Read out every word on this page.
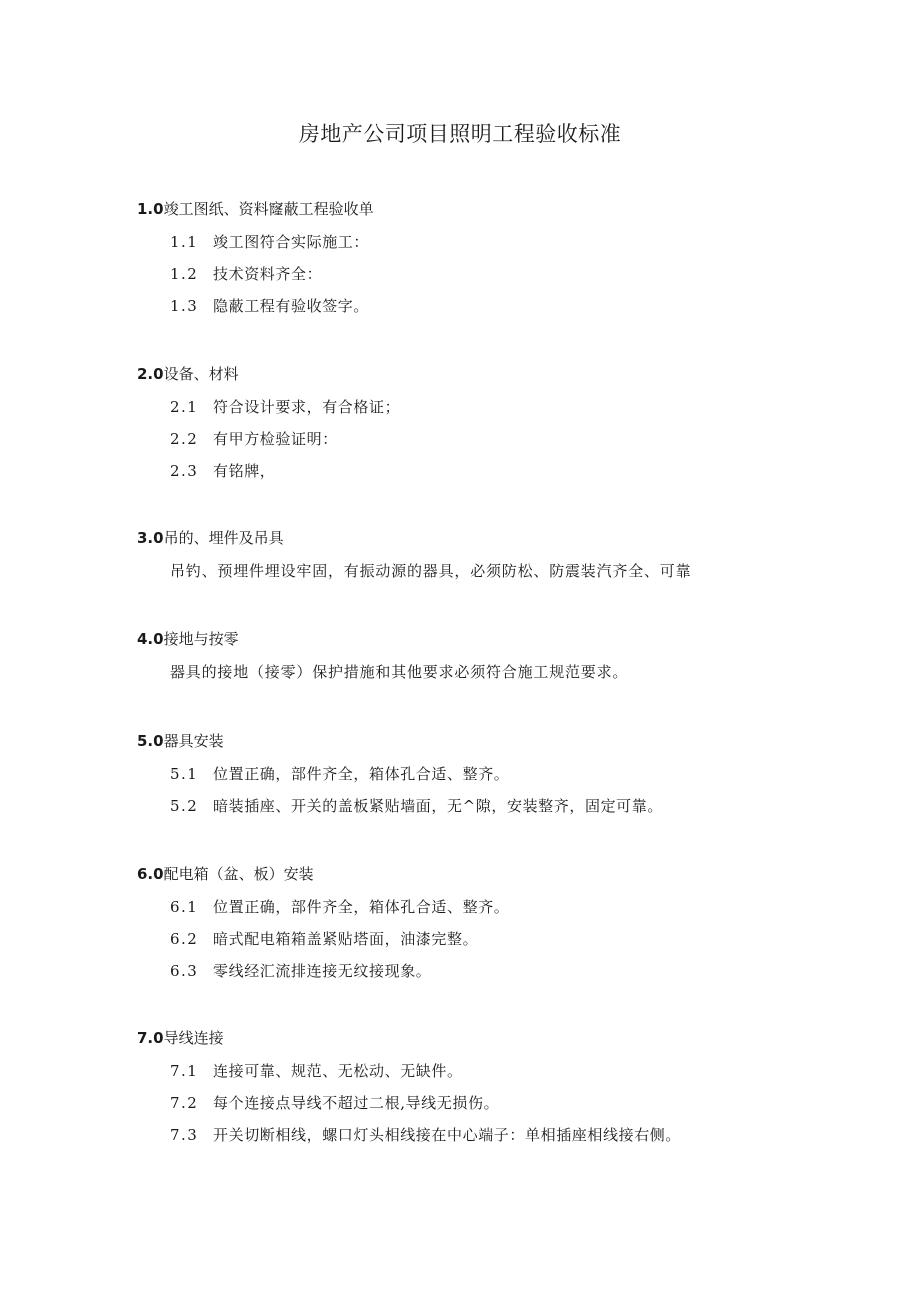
房地产公司项目照明工程验收标准
1.0竣工图纸、资料窿蔽工程验收单
1.1 竣工图符合实际施工：
1.2 技术资料齐全：
1.3 隐蔽工程有验收签字。
2.0设备、材料
2.1 符合设计要求，有合格证；
2.2 有甲方检验证明：
2.3 有铭牌，
3.0吊的、埋件及吊具
吊钓、预埋件埋设牢固，有振动源的器具，必须防松、防震装汽齐全、可靠
4.0接地与按零
器具的接地（接零）保护措施和其他要求必须符合施工规范要求。
5.0器具安装
5.1 位置正确，部件齐全，箱体孔合适、整齐。
5.2 暗装插座、开关的盖板紧贴墙面，无^隙，安装整齐，固定可靠。
6.0配电箱（盆、板）安装
6.1 位置正确，部件齐全，箱体孔合适、整齐。
6.2 暗式配电箱箱盖紧贴塔面，油漆完整。
6.3 零线经汇流排连接无纹接现象。
7.0导线连接
7.1 连接可靠、规范、无松动、无缺件。
7.2 每个连接点导线不超过二根,导线无损伤。
7.3 开关切断相线，螺口灯头相线接在中心端子：单相插座相线接右侧。
